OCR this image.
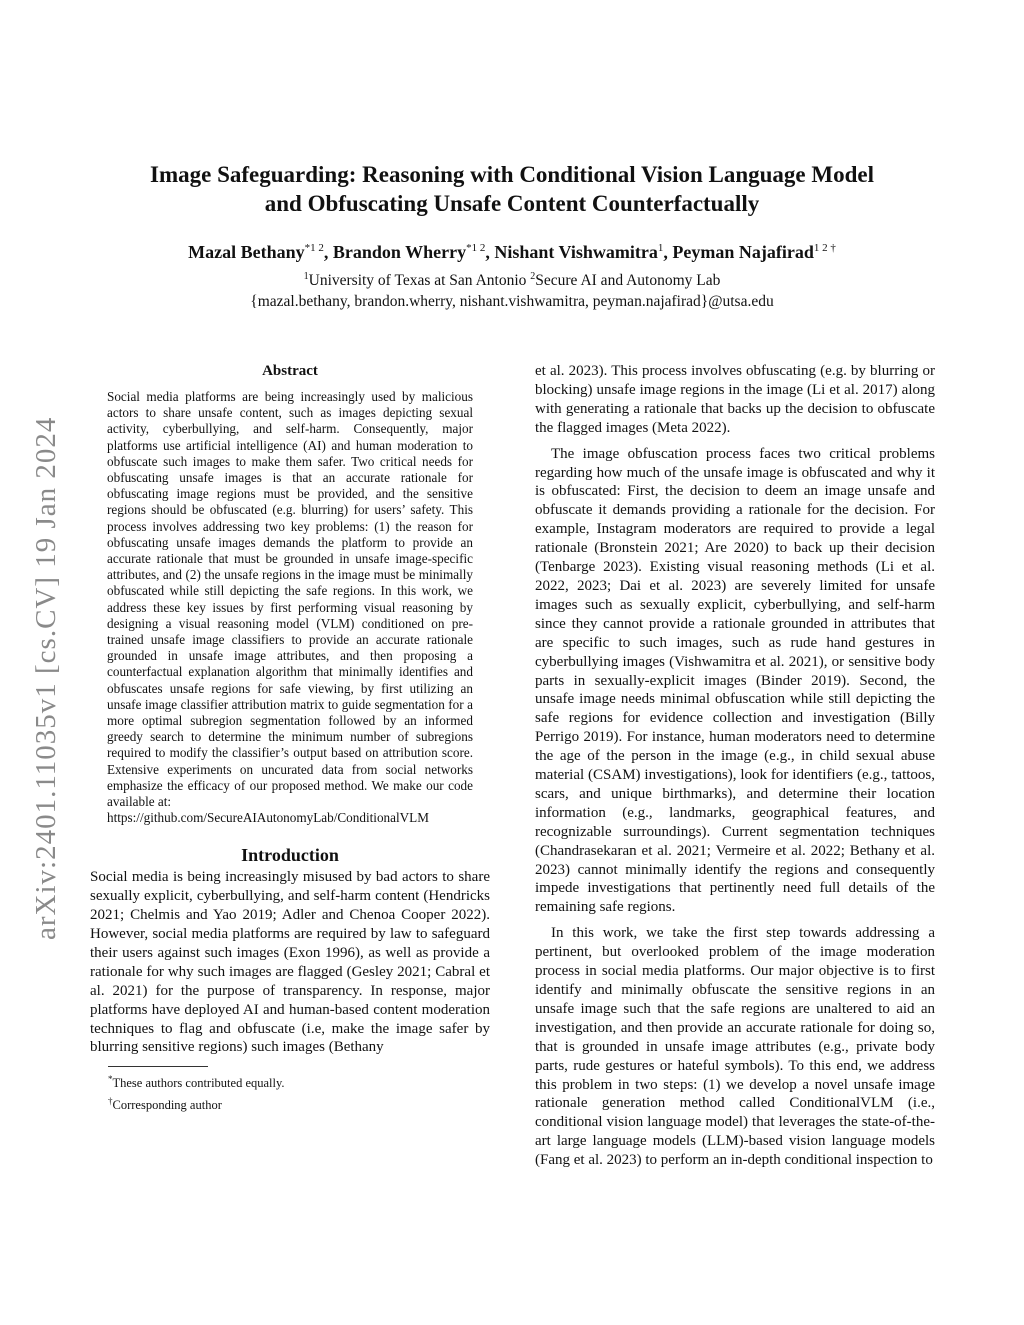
Image Safeguarding: Reasoning with Conditional Vision Language Model
and Obfuscating Unsafe Content Counterfactually
Mazal Bethany$^{*1 2}$, Brandon Wherry$^{*1 2}$, Nishant Vishwamitra$^1$, Peyman Najafirad$^{1 2 \dagger}$
$^1$University of Texas at San Antonio $^2$Secure AI and Autonomy Lab
{mazal.bethany, brandon.wherry, nishant.vishwamitra, peyman.najafirad}@utsa.edu
arXiv:2401.11035v1 [cs.CV] 19 Jan 2024
Abstract
Social media platforms are being increasingly used by malicious actors to share unsafe content, such as images depicting sexual activity, cyberbullying, and self-harm. Consequently, major platforms use artificial intelligence (AI) and human moderation to obfuscate such images to make them safer. Two critical needs for obfuscating unsafe images is that an accurate rationale for obfuscating image regions must be provided, and the sensitive regions should be obfuscated (e.g. blurring) for users’ safety. This process involves addressing two key problems: (1) the reason for obfuscating unsafe images demands the platform to provide an accurate rationale that must be grounded in unsafe image-specific attributes, and (2) the unsafe regions in the image must be minimally obfuscated while still depicting the safe regions. In this work, we address these key issues by first performing visual reasoning by designing a visual reasoning model (VLM) conditioned on pre-trained unsafe image classifiers to provide an accurate rationale grounded in unsafe image attributes, and then proposing a counterfactual explanation algorithm that minimally identifies and obfuscates unsafe regions for safe viewing, by first utilizing an unsafe image classifier attribution matrix to guide segmentation for a more optimal subregion segmentation followed by an informed greedy search to determine the minimum number of subregions required to modify the classifier’s output based on attribution score. Extensive experiments on uncurated data from social networks emphasize the efficacy of our proposed method. We make our code available at:
https://github.com/SecureAIAutonomyLab/ConditionalVLM
Introduction

Social media is being increasingly misused by bad actors to share sexually explicit, cyberbullying, and self-harm content (Hendricks 2021; Chelmis and Yao 2019; Adler and Chenoa Cooper 2022). However, social media platforms are required by law to safeguard their users against such images (Exon 1996), as well as provide a rationale for why such images are flagged (Gesley 2021; Cabral et al. 2021) for the purpose of transparency. In response, major platforms have deployed AI and human-based content moderation techniques to flag and obfuscate (i.e, make the image safer by blurring sensitive regions) such images (Bethany

*These authors contributed equally.
†Corresponding author

et al. 2023). This process involves obfuscating (e.g. by blurring or blocking) unsafe image regions in the image (Li et al. 2017) along with generating a rationale that backs up the decision to obfuscate the flagged images (Meta 2022).

The image obfuscation process faces two critical problems regarding how much of the unsafe image is obfuscated and why it is obfuscated: First, the decision to deem an image unsafe and obfuscate it demands providing a rationale for the decision. For example, Instagram moderators are required to provide a legal rationale (Bronstein 2021; Are 2020) to back up their decision (Tenbarge 2023). Existing visual reasoning methods (Li et al. 2022, 2023; Dai et al. 2023) are severely limited for unsafe images such as sexually explicit, cyberbullying, and self-harm since they cannot provide a rationale grounded in attributes that are specific to such images, such as rude hand gestures in cyberbullying images (Vishwamitra et al. 2021), or sensitive body parts in sexually-explicit images (Binder 2019). Second, the unsafe image needs minimal obfuscation while still depicting the safe regions for evidence collection and investigation (Billy Perrigo 2019). For instance, human moderators need to determine the age of the person in the image (e.g., in child sexual abuse material (CSAM) investigations), look for identifiers (e.g., tattoos, scars, and unique birthmarks), and determine their location information (e.g., landmarks, geographical features, and recognizable surroundings). Current segmentation techniques (Chandrasekaran et al. 2021; Vermeire et al. 2022; Bethany et al. 2023) cannot minimally identify the regions and consequently impede investigations that pertinently need full details of the remaining safe regions.

In this work, we take the first step towards addressing a pertinent, but overlooked problem of the image moderation process in social media platforms. Our major objective is to first identify and minimally obfuscate the sensitive regions in an unsafe image such that the safe regions are unaltered to aid an investigation, and then provide an accurate rationale for doing so, that is grounded in unsafe image attributes (e.g., private body parts, rude gestures or hateful symbols). To this end, we address this problem in two steps: (1) we develop a novel unsafe image rationale generation method called ConditionalVLM (i.e., conditional vision language model) that leverages the state-of-the-art large language models (LLM)-based vision language models (Fang et al. 2023) to perform an in-depth conditional inspection to
